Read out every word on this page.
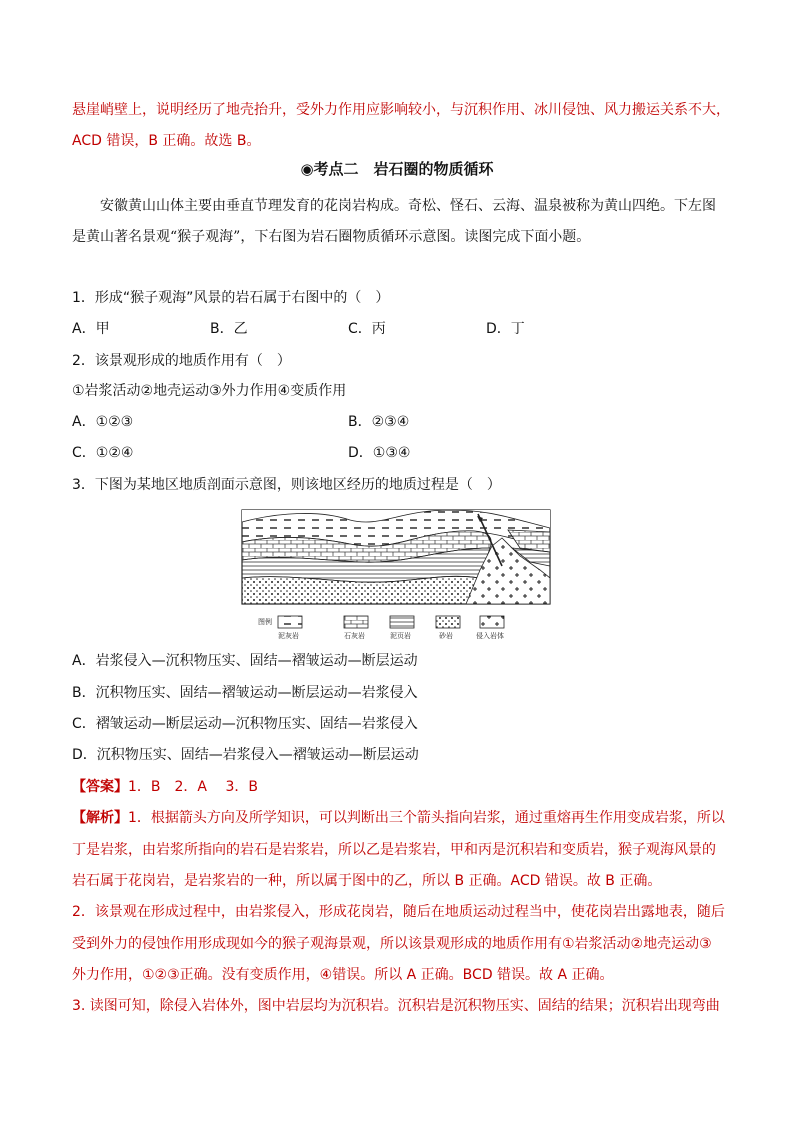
悬崖峭壁上，说明经历了地壳抬升，受外力作用应影响较小，与沉积作用、冰川侵蚀、风力搬运关系不大，
ACD 错误，B 正确。故选 B。
◉考点二　岩石圈的物质循环
安徽黄山山体主要由垂直节理发育的花岗岩构成。奇松、怪石、云海、温泉被称为黄山四绝。下左图
是黄山著名景观“猴子观海”，下右图为岩石圈物质循环示意图。读图完成下面小题。
1．形成“猴子观海”风景的岩石属于右图中的（　）
A．甲	B．乙	C．丙	D．丁
2．该景观形成的地质作用有（　）
①岩浆活动②地壳运动③外力作用④变质作用
A．①②③	B．②③④
C．①②④	D．①③④
3．下图为某地区地质剖面示意图，则该地区经历的地质过程是（　）
图例
泥灰岩	石灰岩	泥页岩	砂岩	侵入岩体
A．岩浆侵入—沉积物压实、固结—褶皱运动—断层运动
B．沉积物压实、固结—褶皱运动—断层运动—岩浆侵入
C．褶皱运动—断层运动—沉积物压实、固结—岩浆侵入
D．沉积物压实、固结—岩浆侵入—褶皱运动—断层运动
【答案】1．B　2．A　 3．B
【解析】1．根据箭头方向及所学知识，可以判断出三个箭头指向岩浆，通过重熔再生作用变成岩浆，所以
丁是岩浆，由岩浆所指向的岩石是岩浆岩，所以乙是岩浆岩，甲和丙是沉积岩和变质岩，猴子观海风景的
岩石属于花岗岩，是岩浆岩的一种，所以属于图中的乙，所以 B 正确。ACD 错误。故 B 正确。
2．该景观在形成过程中，由岩浆侵入，形成花岗岩，随后在地质运动过程当中，使花岗岩出露地表，随后
受到外力的侵蚀作用形成现如今的猴子观海景观，所以该景观形成的地质作用有①岩浆活动②地壳运动③
外力作用，①②③正确。没有变质作用，④错误。所以 A 正确。BCD 错误。故 A 正确。
3. 读图可知，除侵入岩体外，图中岩层均为沉积岩。沉积岩是沉积物压实、固结的结果；沉积岩出现弯曲
